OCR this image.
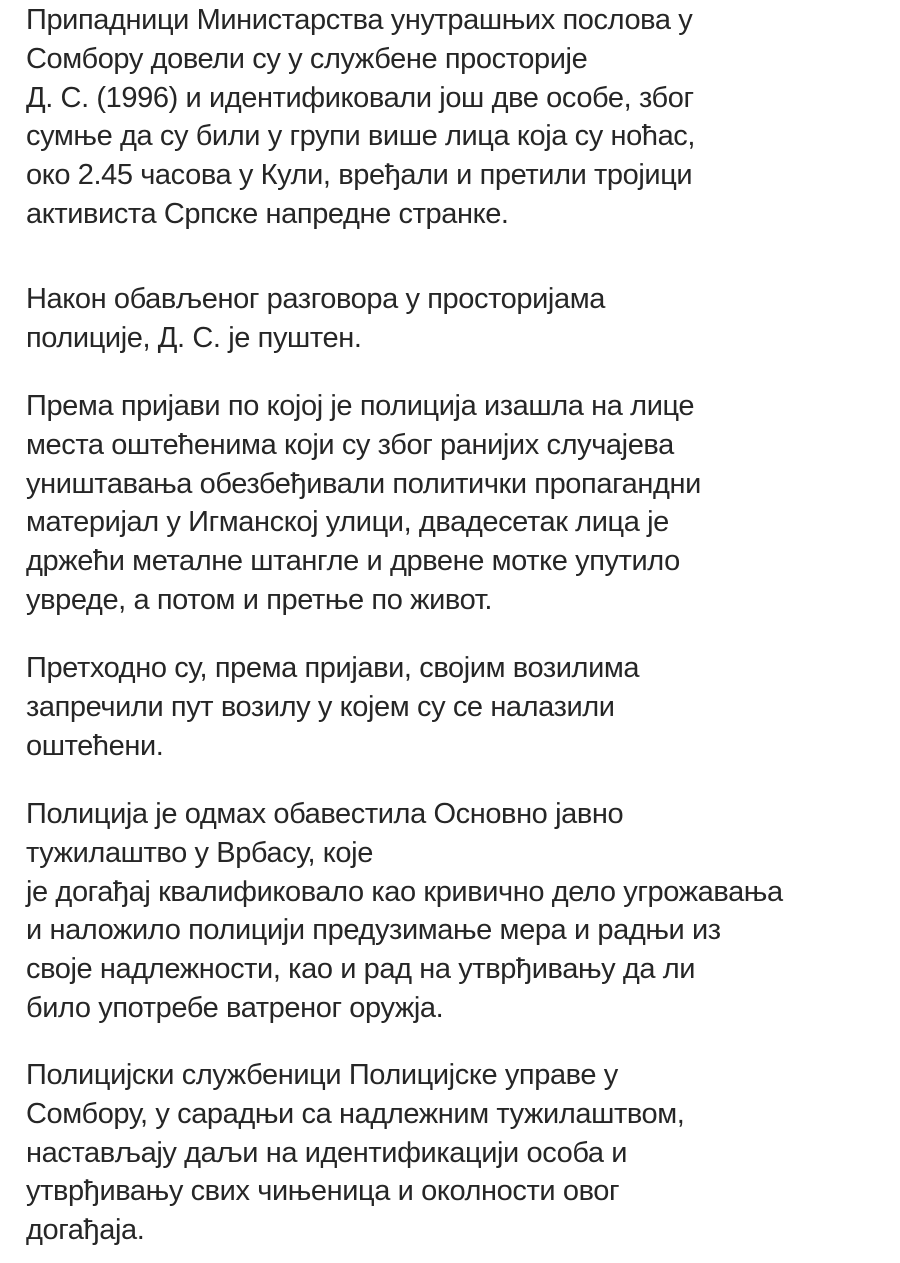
Припадници Министарства унутрашњих послова у
Сомбору довели су у службене просторије
Д. С. (1996) и идентификовали још две особе, због
сумње да су били у групи више лица која су ноћас,
око 2.45 часова у Кули, вређали и претили тројици
активиста Српске напредне странке.
Након обављеног разговора у просторијама
полиције, Д. С. је пуштен.
Према пријави по којој је полиција изашла на лице
места оштећенима који су због ранијих случајева
уништавања обезбеђивали политички пропагандни
материјал у Игманској улици, двадесетак лица је
држећи металне штангле и дрвене мотке упутило
увреде, а потом и претње по живот.
Претходно су, према пријави, својим возилима
запречили пут возилу у којем су се налазили
оштећени.
Полиција је одмах обавестила Основно јавно
тужилаштво у Врбасу, које
је догађај квалификовало као кривично дело угрожавања
и наложило полицији предузимање мера и радњи из
своје надлежности, као и рад на утврђивању да ли
било употребе ватреног оружја.
Полицијски службеници Полицијске управе у
Сомбору, у сарадњи са надлежним тужилаштвом,
настављају даљи на идентификацији особа и
утврђивању свих чињеница и околности овог
догађаја.
